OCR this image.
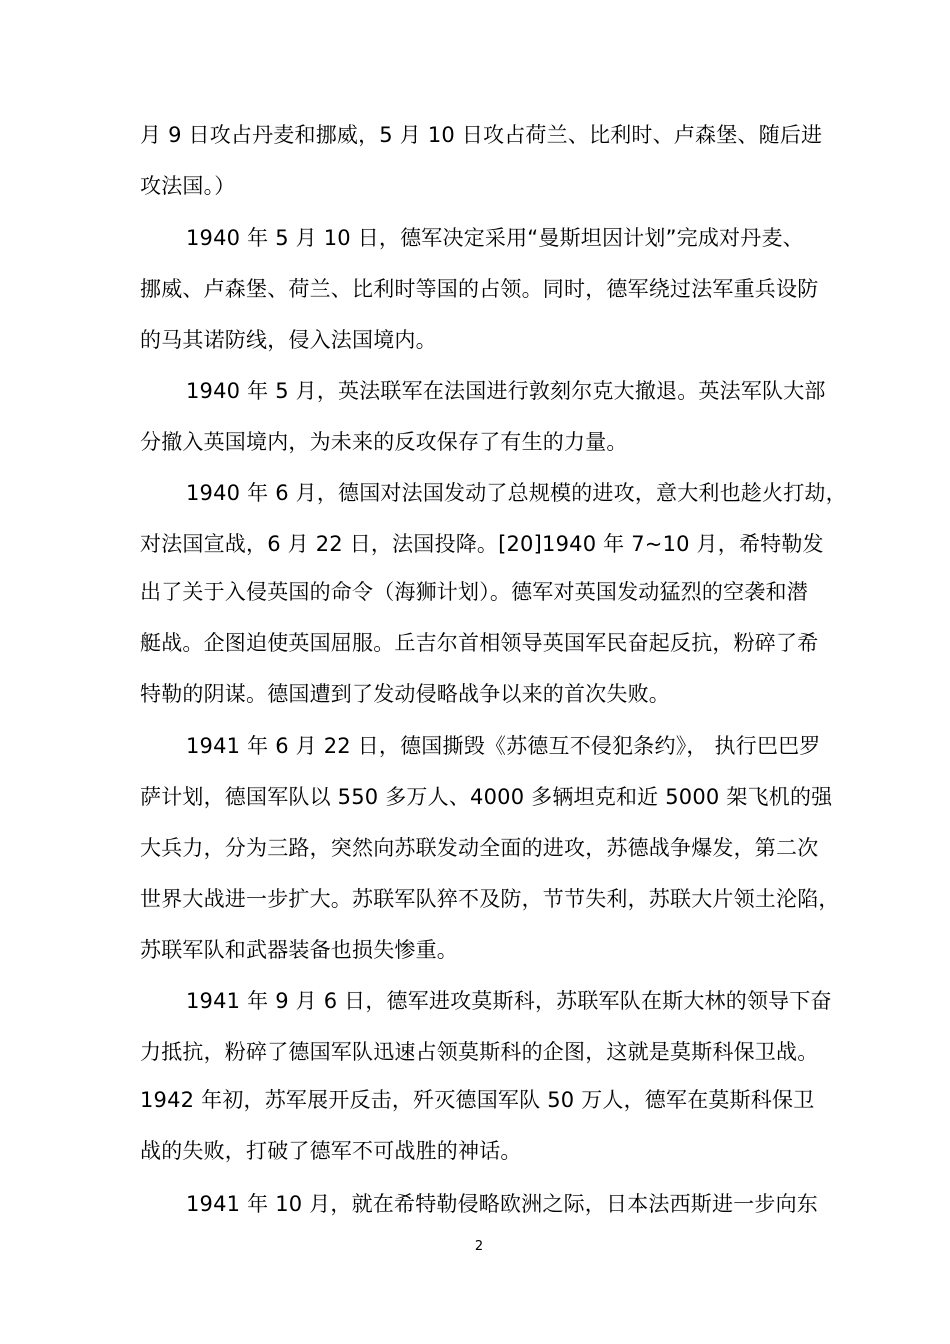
月 9 日攻占丹麦和挪威，5 月 10 日攻占荷兰、比利时、卢森堡、随后进
攻法国。）
1940 年 5 月 10 日，德军决定采用“曼斯坦因计划”完成对丹麦、
挪威、卢森堡、荷兰、比利时等国的占领。同时，德军绕过法军重兵设防
的马其诺防线，侵入法国境内。
1940 年 5 月，英法联军在法国进行敦刻尔克大撤退。英法军队大部
分撤入英国境内，为未来的反攻保存了有生的力量。
1940 年 6 月，德国对法国发动了总规模的进攻，意大利也趁火打劫，
对法国宣战，6 月 22 日，法国投降。[20]1940 年 7~10 月，希特勒发
出了关于入侵英国的命令（海狮计划）。德军对英国发动猛烈的空袭和潜
艇战。企图迫使英国屈服。丘吉尔首相领导英国军民奋起反抗，粉碎了希
特勒的阴谋。德国遭到了发动侵略战争以来的首次失败。
1941 年 6 月 22 日，德国撕毁《苏德互不侵犯条约》， 执行巴巴罗
萨计划，德国军队以 550 多万人、4000 多辆坦克和近 5000 架飞机的强
大兵力，分为三路，突然向苏联发动全面的进攻，苏德战争爆发，第二次
世界大战进一步扩大。苏联军队猝不及防，节节失利，苏联大片领土沦陷，
苏联军队和武器装备也损失惨重。
1941 年 9 月 6 日，德军进攻莫斯科，苏联军队在斯大林的领导下奋
力抵抗，粉碎了德国军队迅速占领莫斯科的企图，这就是莫斯科保卫战。
1942 年初，苏军展开反击，歼灭德国军队 50 万人，德军在莫斯科保卫
战的失败，打破了德军不可战胜的神话。
1941 年 10 月，就在希特勒侵略欧洲之际，日本法西斯进一步向东
2
